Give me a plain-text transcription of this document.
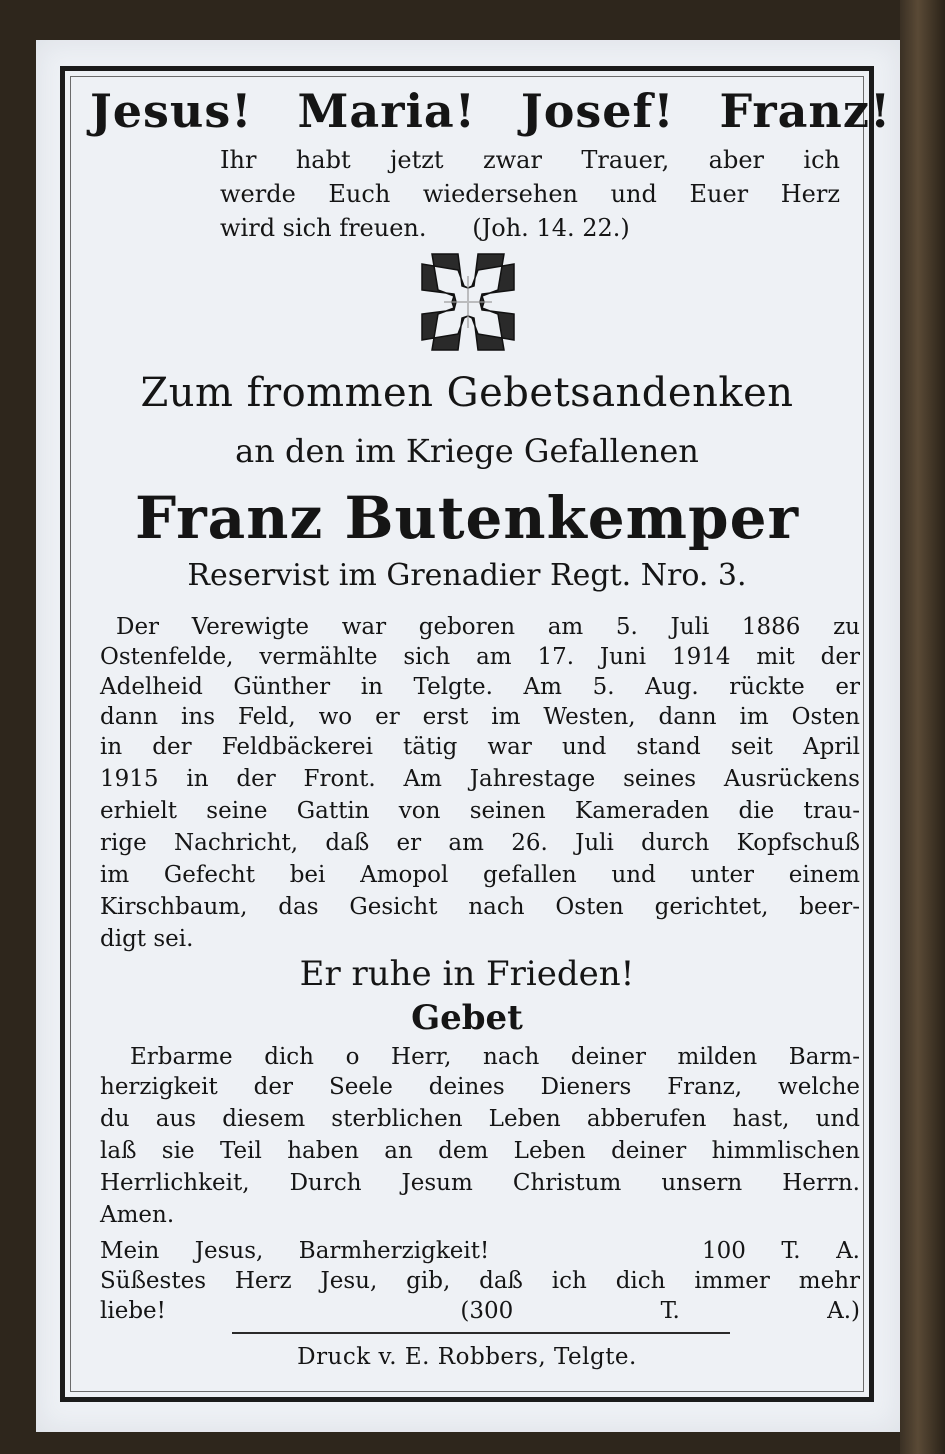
Jesus! Maria! Josef! Franz!
Ihr habt jetzt zwar Trauer, aber ich
werde Euch wiedersehen und Euer Herz
wird sich freuen.      (Joh. 14. 22.)
Zum frommen Gebetsandenken
an den im Kriege Gefallenen
Franz Butenkemper
Reservist im Grenadier Regt. Nro. 3.
Der Verewigte war geboren am 5. Juli 1886 zu
Ostenfelde, vermählte sich am 17. Juni 1914 mit der
Adelheid Günther in Telgte. Am 5. Aug. rückte er
dann ins Feld, wo er erst im Westen, dann im Osten
in der Feldbäckerei tätig war und stand seit April
1915 in der Front. Am Jahrestage seines Ausrückens
erhielt seine Gattin von seinen Kameraden die trau-
rige Nachricht, daß er am 26. Juli durch Kopfschuß
im Gefecht bei Amopol gefallen und unter einem
Kirschbaum, das Gesicht nach Osten gerichtet, beer-
digt sei.
Er ruhe in Frieden!
Gebet
Erbarme dich o Herr, nach deiner milden Barm-
herzigkeit der Seele deines Dieners Franz, welche
du aus diesem sterblichen Leben abberufen hast, und
laß sie Teil haben an dem Leben deiner himmlischen
Herrlichkeit, Durch Jesum Christum unsern Herrn.
Amen.
Mein Jesus, Barmherzigkeit!      100 T. A.
Süßestes Herz Jesu, gib, daß ich dich immer mehr
liebe!  (300 T. A.)
Druck v. E. Robbers, Telgte.
